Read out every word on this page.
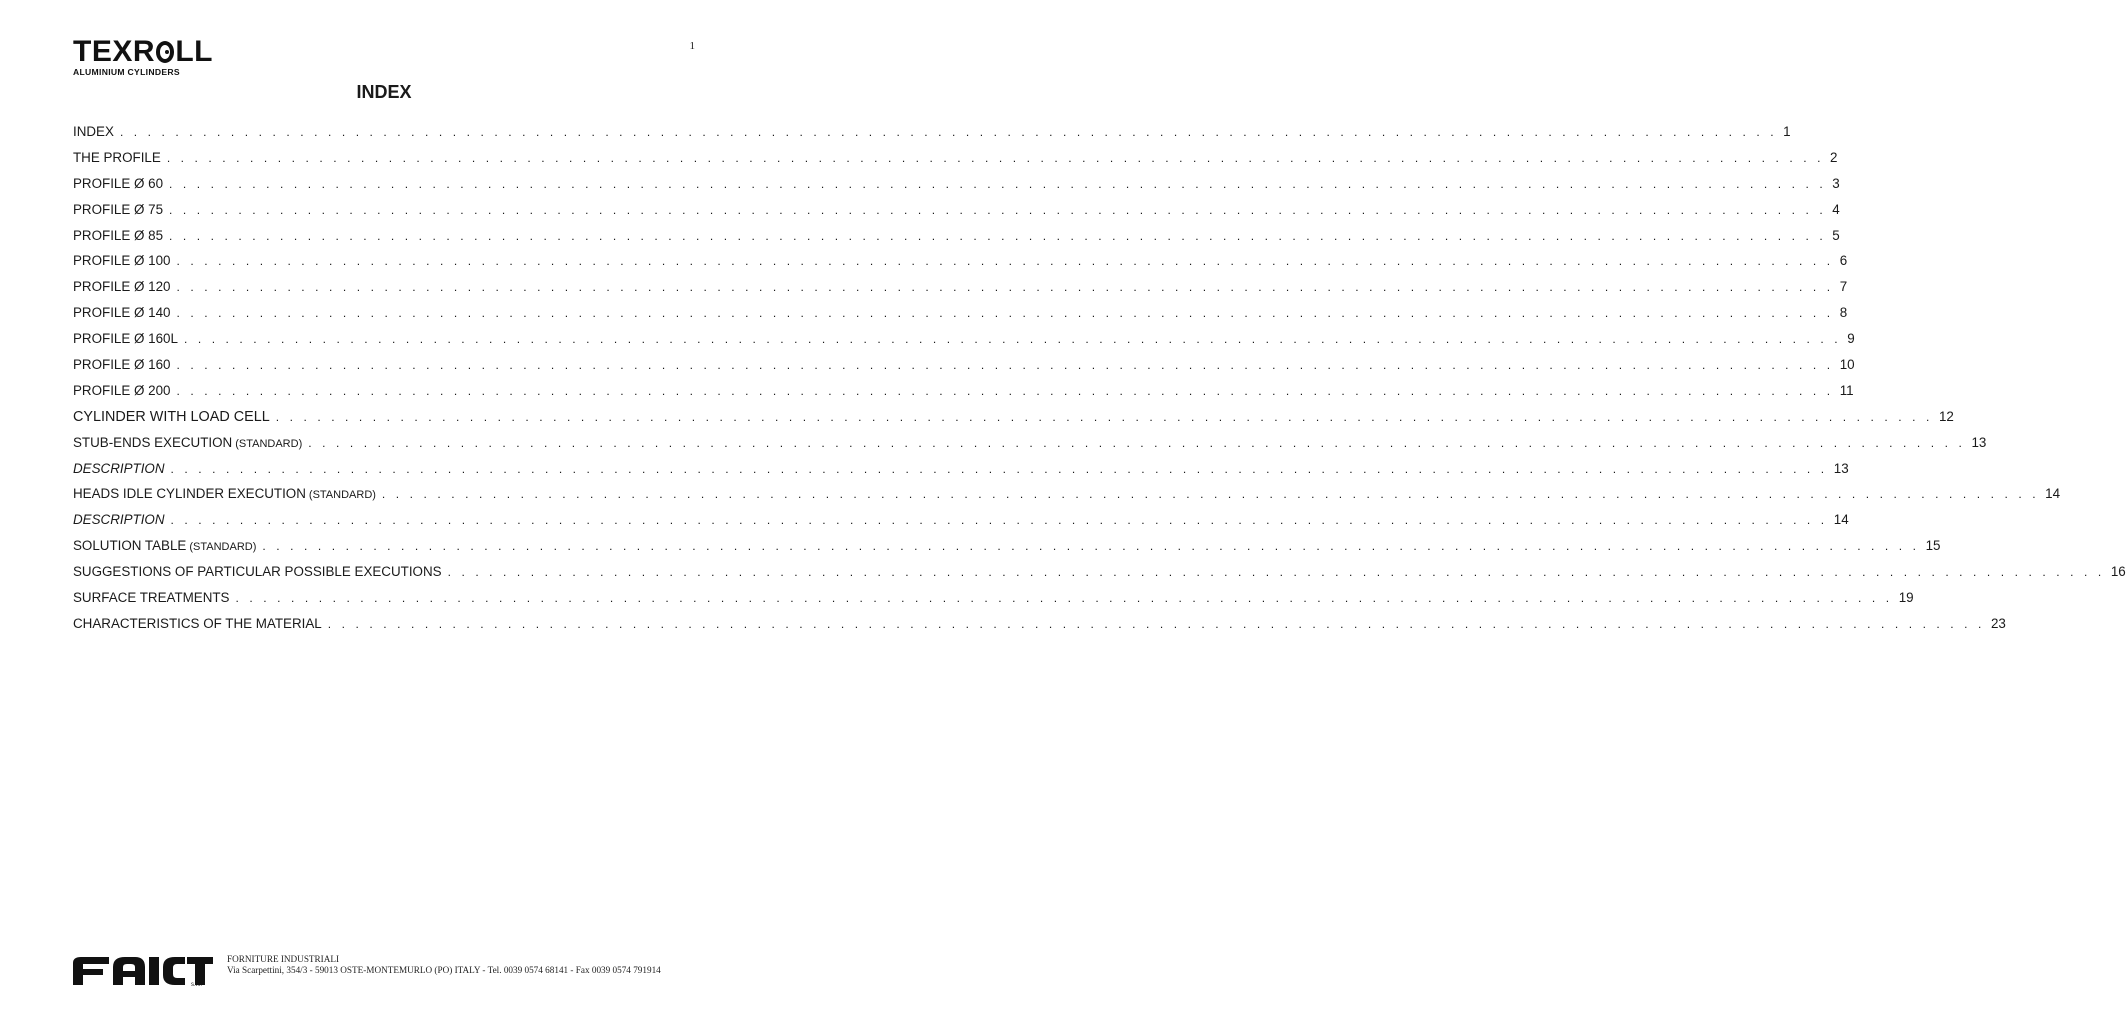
TEXR LL
ALUMINIUM CYLINDERS
1
INDEX
INDEX . . . . . . . . . . . . . . . . . . . . . . . . . . . . . . . . . . . . . . . . . . . . . . . . . . . . . . . . . . . . . . . . . . . . . . . . . . . . . . . . . . . . . . . . . . . . . . . . . . . . . . . . . . . . . . . . . . . . . . . . 1
THE PROFILE . . . . . . . . . . . . . . . . . . . . . . . . . . . . . . . . . . . . . . . . . . . . . . . . . . . . . . . . . . . . . . . . . . . . . . . . . . . . . . . . . . . . . . . . . . . . . . . . . . . . . . . . . . . . . . . . . . . . . . . . 2
PROFILE Ø 60 . . . . . . . . . . . . . . . . . . . . . . . . . . . . . . . . . . . . . . . . . . . . . . . . . . . . . . . . . . . . . . . . . . . . . . . . . . . . . . . . . . . . . . . . . . . . . . . . . . . . . . . . . . . . . . . . . . . . . . . . 3
PROFILE Ø 75 . . . . . . . . . . . . . . . . . . . . . . . . . . . . . . . . . . . . . . . . . . . . . . . . . . . . . . . . . . . . . . . . . . . . . . . . . . . . . . . . . . . . . . . . . . . . . . . . . . . . . . . . . . . . . . . . . . . . . . . . 4
PROFILE Ø 85 . . . . . . . . . . . . . . . . . . . . . . . . . . . . . . . . . . . . . . . . . . . . . . . . . . . . . . . . . . . . . . . . . . . . . . . . . . . . . . . . . . . . . . . . . . . . . . . . . . . . . . . . . . . . . . . . . . . . . . . . 5
PROFILE Ø 100 . . . . . . . . . . . . . . . . . . . . . . . . . . . . . . . . . . . . . . . . . . . . . . . . . . . . . . . . . . . . . . . . . . . . . . . . . . . . . . . . . . . . . . . . . . . . . . . . . . . . . . . . . . . . . . . . . . . . . . . . 6
PROFILE Ø 120 . . . . . . . . . . . . . . . . . . . . . . . . . . . . . . . . . . . . . . . . . . . . . . . . . . . . . . . . . . . . . . . . . . . . . . . . . . . . . . . . . . . . . . . . . . . . . . . . . . . . . . . . . . . . . . . . . . . . . . . . 7
PROFILE Ø 140 . . . . . . . . . . . . . . . . . . . . . . . . . . . . . . . . . . . . . . . . . . . . . . . . . . . . . . . . . . . . . . . . . . . . . . . . . . . . . . . . . . . . . . . . . . . . . . . . . . . . . . . . . . . . . . . . . . . . . . . . 8
PROFILE Ø 160L . . . . . . . . . . . . . . . . . . . . . . . . . . . . . . . . . . . . . . . . . . . . . . . . . . . . . . . . . . . . . . . . . . . . . . . . . . . . . . . . . . . . . . . . . . . . . . . . . . . . . . . . . . . . . . . . . . . . . . . . 9
PROFILE Ø 160 . . . . . . . . . . . . . . . . . . . . . . . . . . . . . . . . . . . . . . . . . . . . . . . . . . . . . . . . . . . . . . . . . . . . . . . . . . . . . . . . . . . . . . . . . . . . . . . . . . . . . . . . . . . . . . . . . . . . . . . . 10
PROFILE Ø 200 . . . . . . . . . . . . . . . . . . . . . . . . . . . . . . . . . . . . . . . . . . . . . . . . . . . . . . . . . . . . . . . . . . . . . . . . . . . . . . . . . . . . . . . . . . . . . . . . . . . . . . . . . . . . . . . . . . . . . . . . 11
CYLINDER WITH LOAD CELL . . . . . . . . . . . . . . . . . . . . . . . . . . . . . . . . . . . . . . . . . . . . . . . . . . . . . . . . . . . . . . . . . . . . . . . . . . . . . . . . . . . . . . . . . . . . . . . . . . . . . . . . . . . . . . . . . . . . . . . . 12
STUB-ENDS EXECUTION (STANDARD) . . . . . . . . . . . . . . . . . . . . . . . . . . . . . . . . . . . . . . . . . . . . . . . . . . . . . . . . . . . . . . . . . . . . . . . . . . . . . . . . . . . . . . . . . . . . . . . . . . . . . . . . . . . . . . . . . . . . . . . . 13
DESCRIPTION . . . . . . . . . . . . . . . . . . . . . . . . . . . . . . . . . . . . . . . . . . . . . . . . . . . . . . . . . . . . . . . . . . . . . . . . . . . . . . . . . . . . . . . . . . . . . . . . . . . . . . . . . . . . . . . . . . . . . . . . 13
HEADS IDLE CYLINDER EXECUTION (STANDARD) . . . . . . . . . . . . . . . . . . . . . . . . . . . . . . . . . . . . . . . . . . . . . . . . . . . . . . . . . . . . . . . . . . . . . . . . . . . . . . . . . . . . . . . . . . . . . . . . . . . . . . . . . . . . . . . . . . . . . . . . 14
DESCRIPTION . . . . . . . . . . . . . . . . . . . . . . . . . . . . . . . . . . . . . . . . . . . . . . . . . . . . . . . . . . . . . . . . . . . . . . . . . . . . . . . . . . . . . . . . . . . . . . . . . . . . . . . . . . . . . . . . . . . . . . . . 14
SOLUTION TABLE (STANDARD) . . . . . . . . . . . . . . . . . . . . . . . . . . . . . . . . . . . . . . . . . . . . . . . . . . . . . . . . . . . . . . . . . . . . . . . . . . . . . . . . . . . . . . . . . . . . . . . . . . . . . . . . . . . . . . . . . . . . . . . . 15
SUGGESTIONS OF PARTICULAR POSSIBLE EXECUTIONS . . . . . . . . . . . . . . . . . . . . . . . . . . . . . . . . . . . . . . . . . . . . . . . . . . . . . . . . . . . . . . . . . . . . . . . . . . . . . . . . . . . . . . . . . . . . . . . . . . . . . . . . . . . . . . . . . . . . . . . . 16
SURFACE TREATMENTS . . . . . . . . . . . . . . . . . . . . . . . . . . . . . . . . . . . . . . . . . . . . . . . . . . . . . . . . . . . . . . . . . . . . . . . . . . . . . . . . . . . . . . . . . . . . . . . . . . . . . . . . . . . . . . . . . . . . . . . . 19
CHARACTERISTICS OF THE MATERIAL . . . . . . . . . . . . . . . . . . . . . . . . . . . . . . . . . . . . . . . . . . . . . . . . . . . . . . . . . . . . . . . . . . . . . . . . . . . . . . . . . . . . . . . . . . . . . . . . . . . . . . . . . . . . . . . . . . . . . . . . 23
s.r.l.
FORNITURE INDUSTRIALI
Via Scarpettini, 354/3 - 59013 OSTE-MONTEMURLO (PO) ITALY - Tel. 0039 0574 68141 - Fax 0039 0574 791914
